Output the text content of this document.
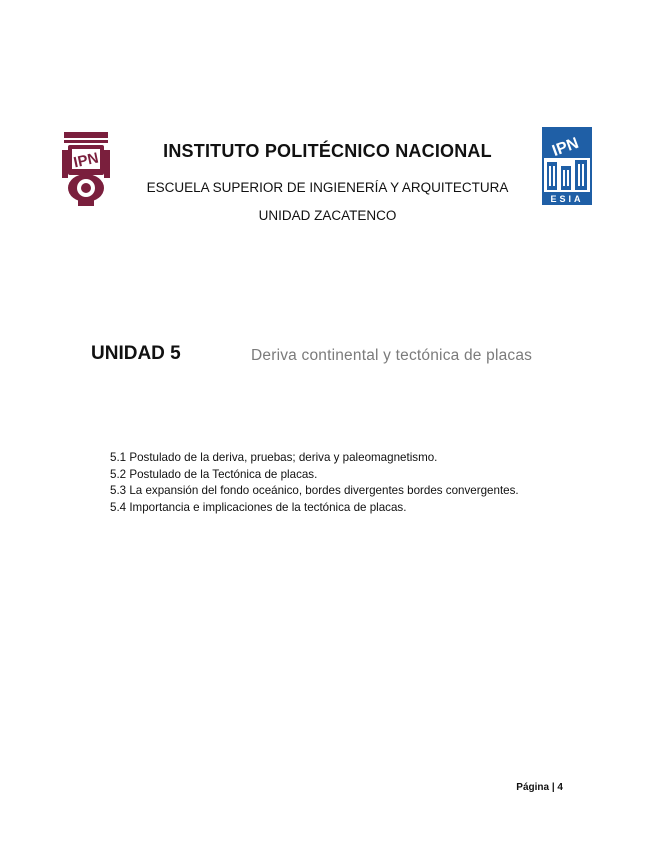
IPN
IPN
ESIA
INSTITUTO POLITÉCNICO NACIONAL
ESCUELA SUPERIOR DE INGIENERÍA Y ARQUITECTURA
UNIDAD ZACATENCO
UNIDAD 5	Deriva continental y tectónica de placas
5.1 Postulado de la deriva, pruebas; deriva y paleomagnetismo.
5.2 Postulado de la Tectónica de placas.
5.3 La expansión del fondo oceánico, bordes divergentes bordes convergentes.
5.4 Importancia e implicaciones de la tectónica de placas.
Página | 4
